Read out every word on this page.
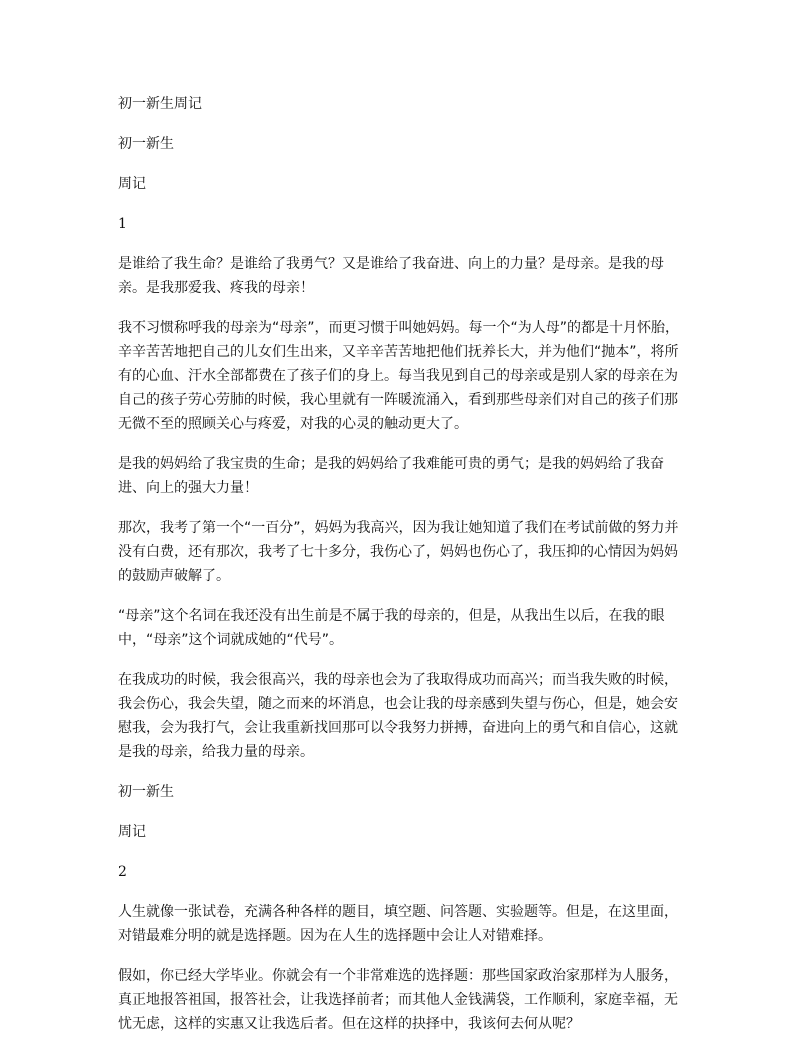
初一新生周记

初一新生

周记

1

是谁给了我生命？是谁给了我勇气？又是谁给了我奋进、向上的力量？是母亲。是我的母亲。是我那爱我、疼我的母亲！

我不习惯称呼我的母亲为“母亲”，而更习惯于叫她妈妈。每一个“为人母”的都是十月怀胎，辛辛苦苦地把自己的儿女们生出来，又辛辛苦苦地把他们抚养长大，并为他们“抛本”，将所有的心血、汗水全部都费在了孩子们的身上。每当我见到自己的母亲或是别人家的母亲在为自己的孩子劳心劳肺的时候，我心里就有一阵暖流涌入，看到那些母亲们对自己的孩子们那无微不至的照顾关心与疼爱，对我的心灵的触动更大了。

是我的妈妈给了我宝贵的生命；是我的妈妈给了我难能可贵的勇气；是我的妈妈给了我奋进、向上的强大力量！

那次，我考了第一个“一百分”，妈妈为我高兴，因为我让她知道了我们在考试前做的努力并没有白费，还有那次，我考了七十多分，我伤心了，妈妈也伤心了，我压抑的心情因为妈妈的鼓励声破解了。

“母亲”这个名词在我还没有出生前是不属于我的母亲的，但是，从我出生以后，在我的眼中，“母亲”这个词就成她的“代号”。

在我成功的时候，我会很高兴，我的母亲也会为了我取得成功而高兴；而当我失败的时候，我会伤心，我会失望，随之而来的坏消息，也会让我的母亲感到失望与伤心，但是，她会安慰我，会为我打气，会让我重新找回那可以令我努力拼搏，奋进向上的勇气和自信心，这就是我的母亲，给我力量的母亲。

初一新生

周记

2

人生就像一张试卷，充满各种各样的题目，填空题、问答题、实验题等。但是，在这里面，对错最难分明的就是选择题。因为在人生的选择题中会让人对错难择。

假如，你已经大学毕业。你就会有一个非常难选的选择题：那些国家政治家那样为人服务，真正地报答祖国，报答社会，让我选择前者；而其他人金钱满袋，工作顺利，家庭幸福，无忧无虑，这样的实惠又让我选后者。但在这样的抉择中，我该何去何从呢？
